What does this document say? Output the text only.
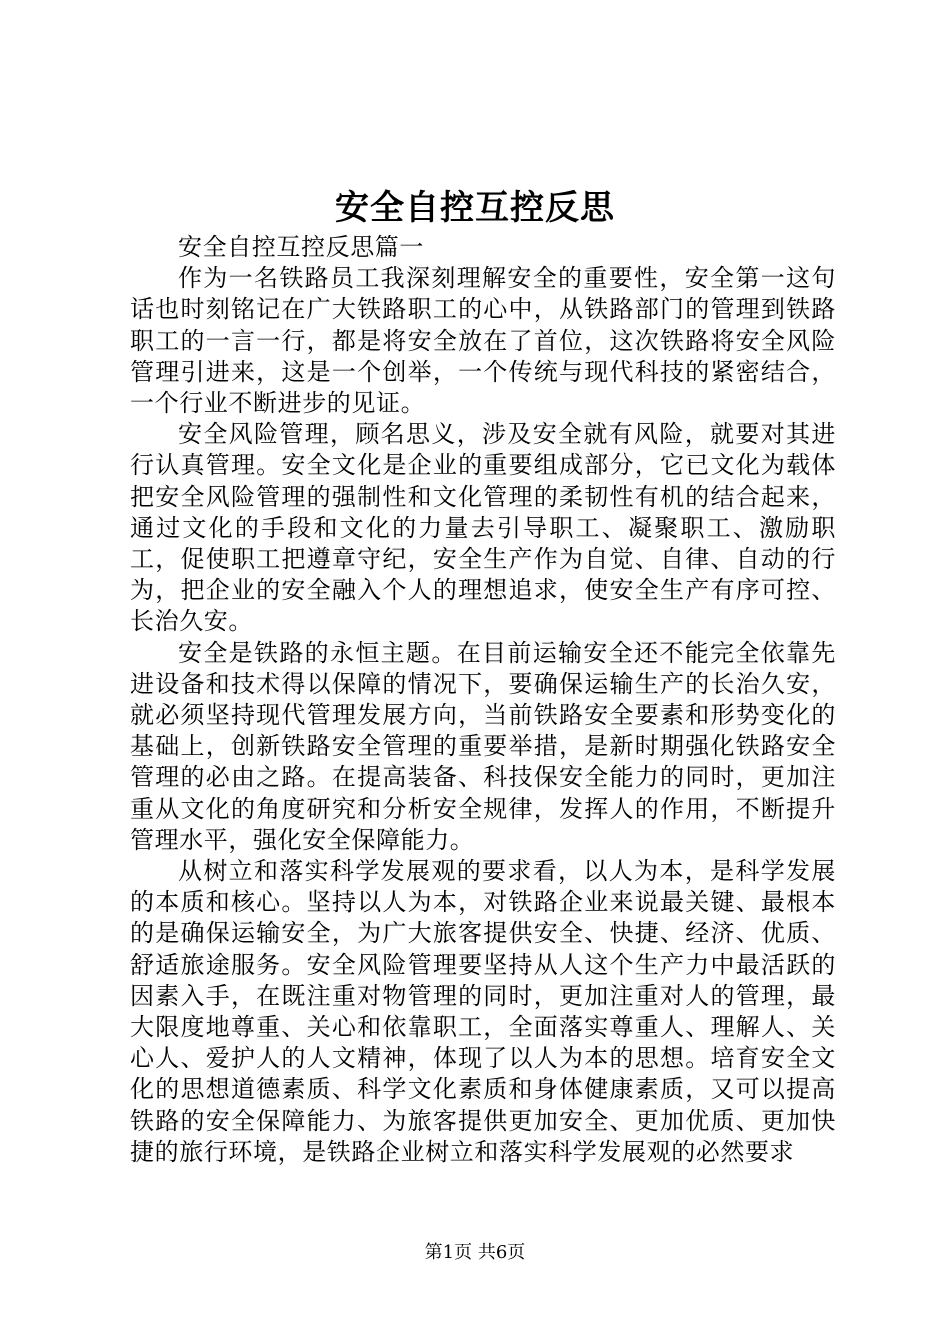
安全自控互控反思

安全自控互控反思篇一

作为一名铁路员工我深刻理解安全的重要性，安全第一这句话也时刻铭记在广大铁路职工的心中，从铁路部门的管理到铁路职工的一言一行，都是将安全放在了首位，这次铁路将安全风险管理引进来，这是一个创举，一个传统与现代科技的紧密结合，一个行业不断进步的见证。

安全风险管理，顾名思义，涉及安全就有风险，就要对其进行认真管理。安全文化是企业的重要组成部分，它已文化为载体把安全风险管理的强制性和文化管理的柔韧性有机的结合起来，通过文化的手段和文化的力量去引导职工、凝聚职工、激励职工，促使职工把遵章守纪，安全生产作为自觉、自律、自动的行为，把企业的安全融入个人的理想追求，使安全生产有序可控、长治久安。

安全是铁路的永恒主题。在目前运输安全还不能完全依靠先进设备和技术得以保障的情况下，要确保运输生产的长治久安，就必须坚持现代管理发展方向，当前铁路安全要素和形势变化的基础上，创新铁路安全管理的重要举措，是新时期强化铁路安全管理的必由之路。在提高装备、科技保安全能力的同时，更加注重从文化的角度研究和分析安全规律，发挥人的作用，不断提升管理水平，强化安全保障能力。

从树立和落实科学发展观的要求看，以人为本，是科学发展的本质和核心。坚持以人为本，对铁路企业来说最关键、最根本的是确保运输安全，为广大旅客提供安全、快捷、经济、优质、舒适旅途服务。安全风险管理要坚持从人这个生产力中最活跃的因素入手，在既注重对物管理的同时，更加注重对人的管理，最大限度地尊重、关心和依靠职工，全面落实尊重人、理解人、关心人、爱护人的人文精神，体现了以人为本的思想。培育安全文化的思想道德素质、科学文化素质和身体健康素质，又可以提高铁路的安全保障能力、为旅客提供更加安全、更加优质、更加快捷的旅行环境，是铁路企业树立和落实科学发展观的必然要求

第1页 共6页
